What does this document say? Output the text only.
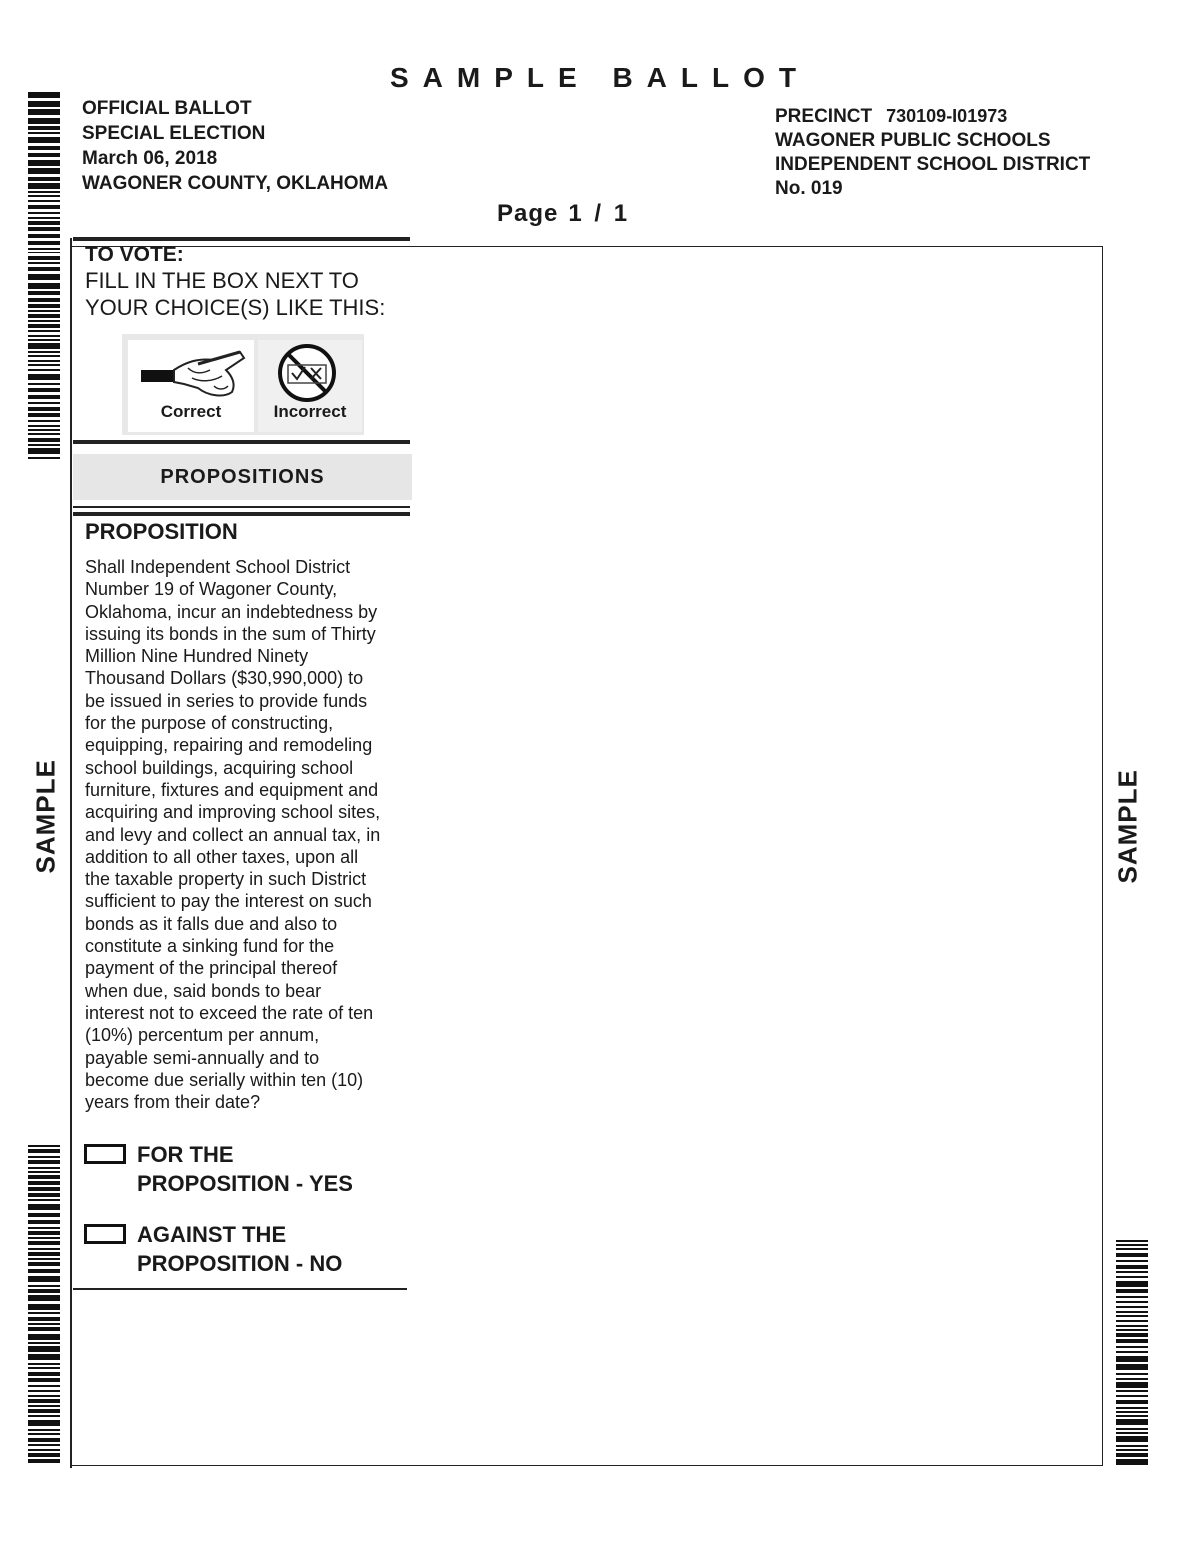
SAMPLE BALLOT
OFFICIAL BALLOT
SPECIAL ELECTION
March 06, 2018
WAGONER COUNTY, OKLAHOMA
PRECINCT 730109-I01973
WAGONER PUBLIC SCHOOLS
INDEPENDENT SCHOOL DISTRICT
No. 019
Page 1 / 1
TO VOTE:
FILL IN THE BOX NEXT TO
YOUR CHOICE(S) LIKE THIS:
Correct	Incorrect
PROPOSITIONS
PROPOSITION
Shall Independent School District
Number 19 of Wagoner County,
Oklahoma, incur an indebtedness by
issuing its bonds in the sum of Thirty
Million Nine Hundred Ninety
Thousand Dollars ($30,990,000) to
be issued in series to provide funds
for the purpose of constructing,
equipping, repairing and remodeling
school buildings, acquiring school
furniture, fixtures and equipment and
acquiring and improving school sites,
and levy and collect an annual tax, in
addition to all other taxes, upon all
the taxable property in such District
sufficient to pay the interest on such
bonds as it falls due and also to
constitute a sinking fund for the
payment of the principal thereof
when due, said bonds to bear
interest not to exceed the rate of ten
(10%) percentum per annum,
payable semi-annually and to
become due serially within ten (10)
years from their date?
FOR THE
PROPOSITION - YES
AGAINST THE
PROPOSITION - NO
SAMPLE	SAMPLE
